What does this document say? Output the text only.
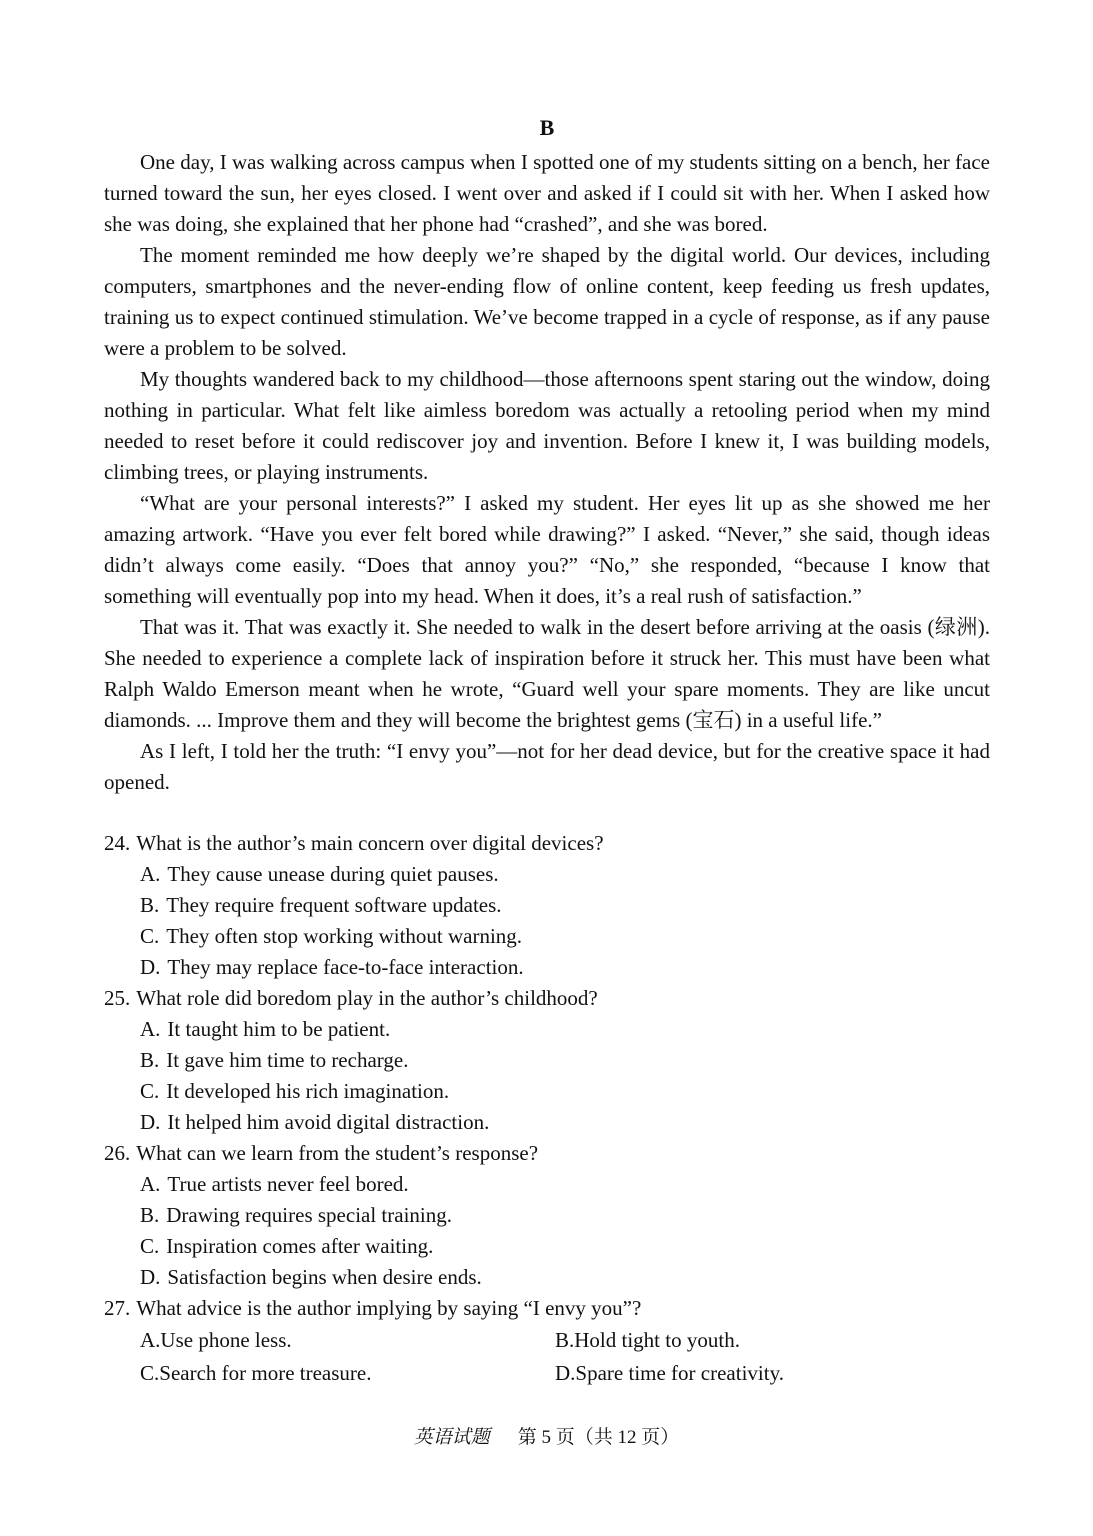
B

One day, I was walking across campus when I spotted one of my students sitting on a bench, her face turned toward the sun, her eyes closed. I went over and asked if I could sit with her. When I asked how she was doing, she explained that her phone had “crashed”, and she was bored.

The moment reminded me how deeply we’re shaped by the digital world. Our devices, including computers, smartphones and the never-ending flow of online content, keep feeding us fresh updates, training us to expect continued stimulation. We’ve become trapped in a cycle of response, as if any pause were a problem to be solved.

My thoughts wandered back to my childhood—those afternoons spent staring out the window, doing nothing in particular. What felt like aimless boredom was actually a retooling period when my mind needed to reset before it could rediscover joy and invention. Before I knew it, I was building models, climbing trees, or playing instruments.

“What are your personal interests?” I asked my student. Her eyes lit up as she showed me her amazing artwork. “Have you ever felt bored while drawing?” I asked. “Never,” she said, though ideas didn’t always come easily. “Does that annoy you?” “No,” she responded, “because I know that something will eventually pop into my head. When it does, it’s a real rush of satisfaction.”

That was it. That was exactly it. She needed to walk in the desert before arriving at the oasis (绿洲). She needed to experience a complete lack of inspiration before it struck her. This must have been what Ralph Waldo Emerson meant when he wrote, “Guard well your spare moments. They are like uncut diamonds. ... Improve them and they will become the brightest gems (宝石) in a useful life.”

As I left, I told her the truth: “I envy you”—not for her dead device, but for the creative space it had opened.

24. What is the author’s main concern over digital devices?
A. They cause unease during quiet pauses.
B. They require frequent software updates.
C. They often stop working without warning.
D. They may replace face-to-face interaction.
25. What role did boredom play in the author’s childhood?
A. It taught him to be patient.
B. It gave him time to recharge.
C. It developed his rich imagination.
D. It helped him avoid digital distraction.
26. What can we learn from the student’s response?
A. True artists never feel bored.
B. Drawing requires special training.
C. Inspiration comes after waiting.
D. Satisfaction begins when desire ends.
27. What advice is the author implying by saying “I envy you”?
A.Use phone less.	B.Hold tight to youth.
C.Search for more treasure.	D.Spare time for creativity.
英语试题 第 5 页（共 12 页）
